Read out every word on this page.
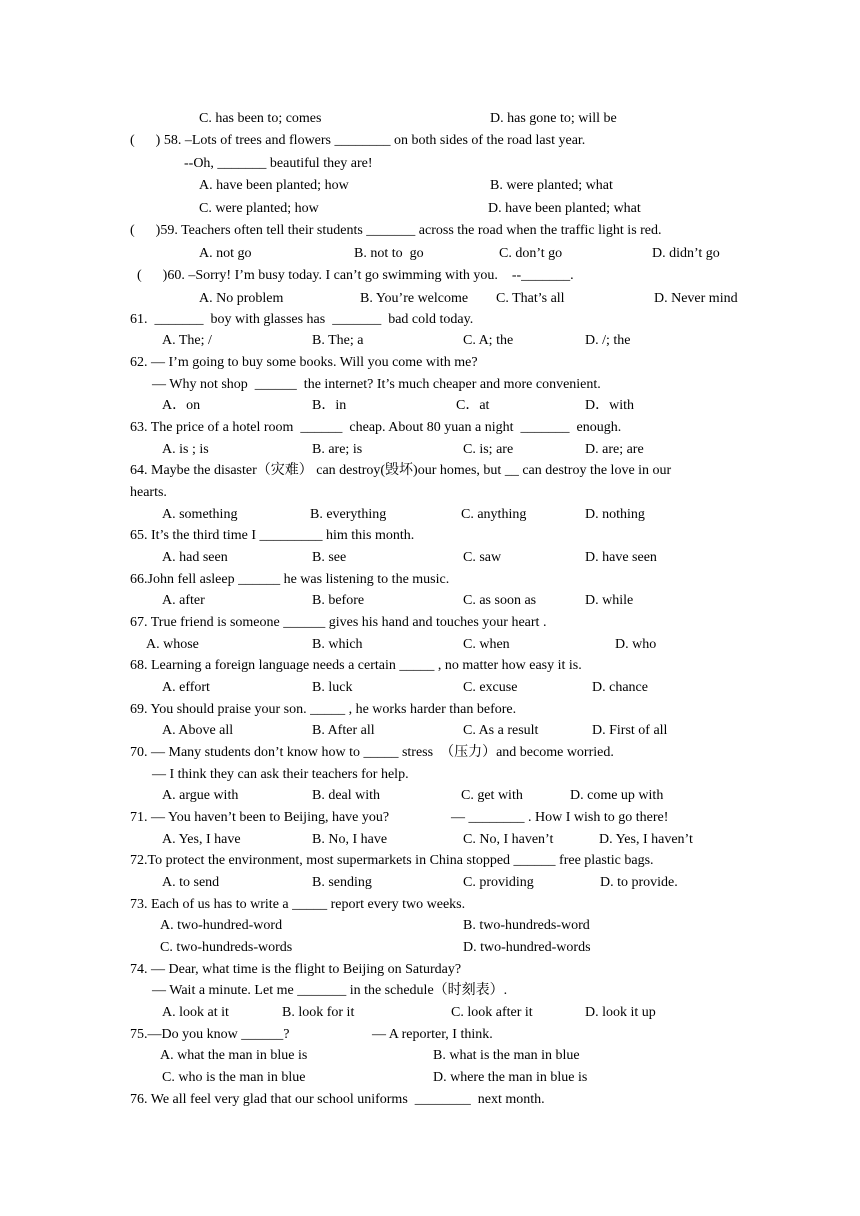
C. has been to; comes	D. has gone to; will be
(      ) 58. –Lots of trees and flowers ________ on both sides of the road last year.
--Oh, _______ beautiful they are!
A. have been planted; how	B. were planted; what
C. were planted; how	D. have been planted; what
(      )59. Teachers often tell their students _______ across the road when the traffic light is red.
A. not go	B. not to  go	C. don’t go	D. didn’t go
(      )60. –Sorry! I’m busy today. I can’t go swimming with you.    --_______.
A. No problem	B. You’re welcome C. That’s all	D. Never mind
61.  _______  boy with glasses has  _______  bad cold today.
A. The; /	B. The; a	C. A; the	D. /; the
62. — I’m going to buy some books. Will you come with me?
— Why not shop  ______  the internet? It’s much cheaper and more convenient.
A．on	B．in	C．at	D．with
63. The price of a hotel room  ______  cheap. About 80 yuan a night  _______  enough.
A. is ; is	B. are; is	C. is; are	D. are; are
64. Maybe the disaster（灾难） can destroy(毁坏)our homes, but __ can destroy the love in our
hearts.
A. something	B. everything	C. anything	D. nothing
65. It’s the third time I _________ him this month.
A. had seen	B. see	C. saw	D. have seen
66.John fell asleep ______ he was listening to the music.
A. after	B. before	C. as soon as	D. while
67. True friend is someone ______ gives his hand and touches your heart .
A. whose	B. which	C. when	D. who
68. Learning a foreign language needs a certain _____ , no matter how easy it is.
A. effort	B. luck	C. excuse	D. chance
69. You should praise your son. _____ , he works harder than before.
A. Above all	B. After all	C. As a result	D. First of all
70. — Many students don’t know how to _____ stress  （压力）and become worried.
— I think they can ask their teachers for help.
A. argue with	B. deal with	C. get with	D. come up with
71. — You haven’t been to Beijing, have you?	— ________ . How I wish to go there!
A. Yes, I have	B. No, I have	C. No, I haven’t	D. Yes, I haven’t
72.To protect the environment, most supermarkets in China stopped ______ free plastic bags.
A. to send	B. sending	C. providing	D. to provide.
73. Each of us has to write a _____ report every two weeks.
A. two-hundred-word	B. two-hundreds-word
C. two-hundreds-words	D. two-hundred-words
74. — Dear, what time is the flight to Beijing on Saturday?
— Wait a minute. Let me _______ in the schedule（时刻表）.
A. look at it	B. look for it	C. look after it	D. look it up
75.—Do you know ______?	— A reporter, I think.
A. what the man in blue is	B. what is the man in blue
C. who is the man in blue	D. where the man in blue is
76. We all feel very glad that our school uniforms  ________  next month.
